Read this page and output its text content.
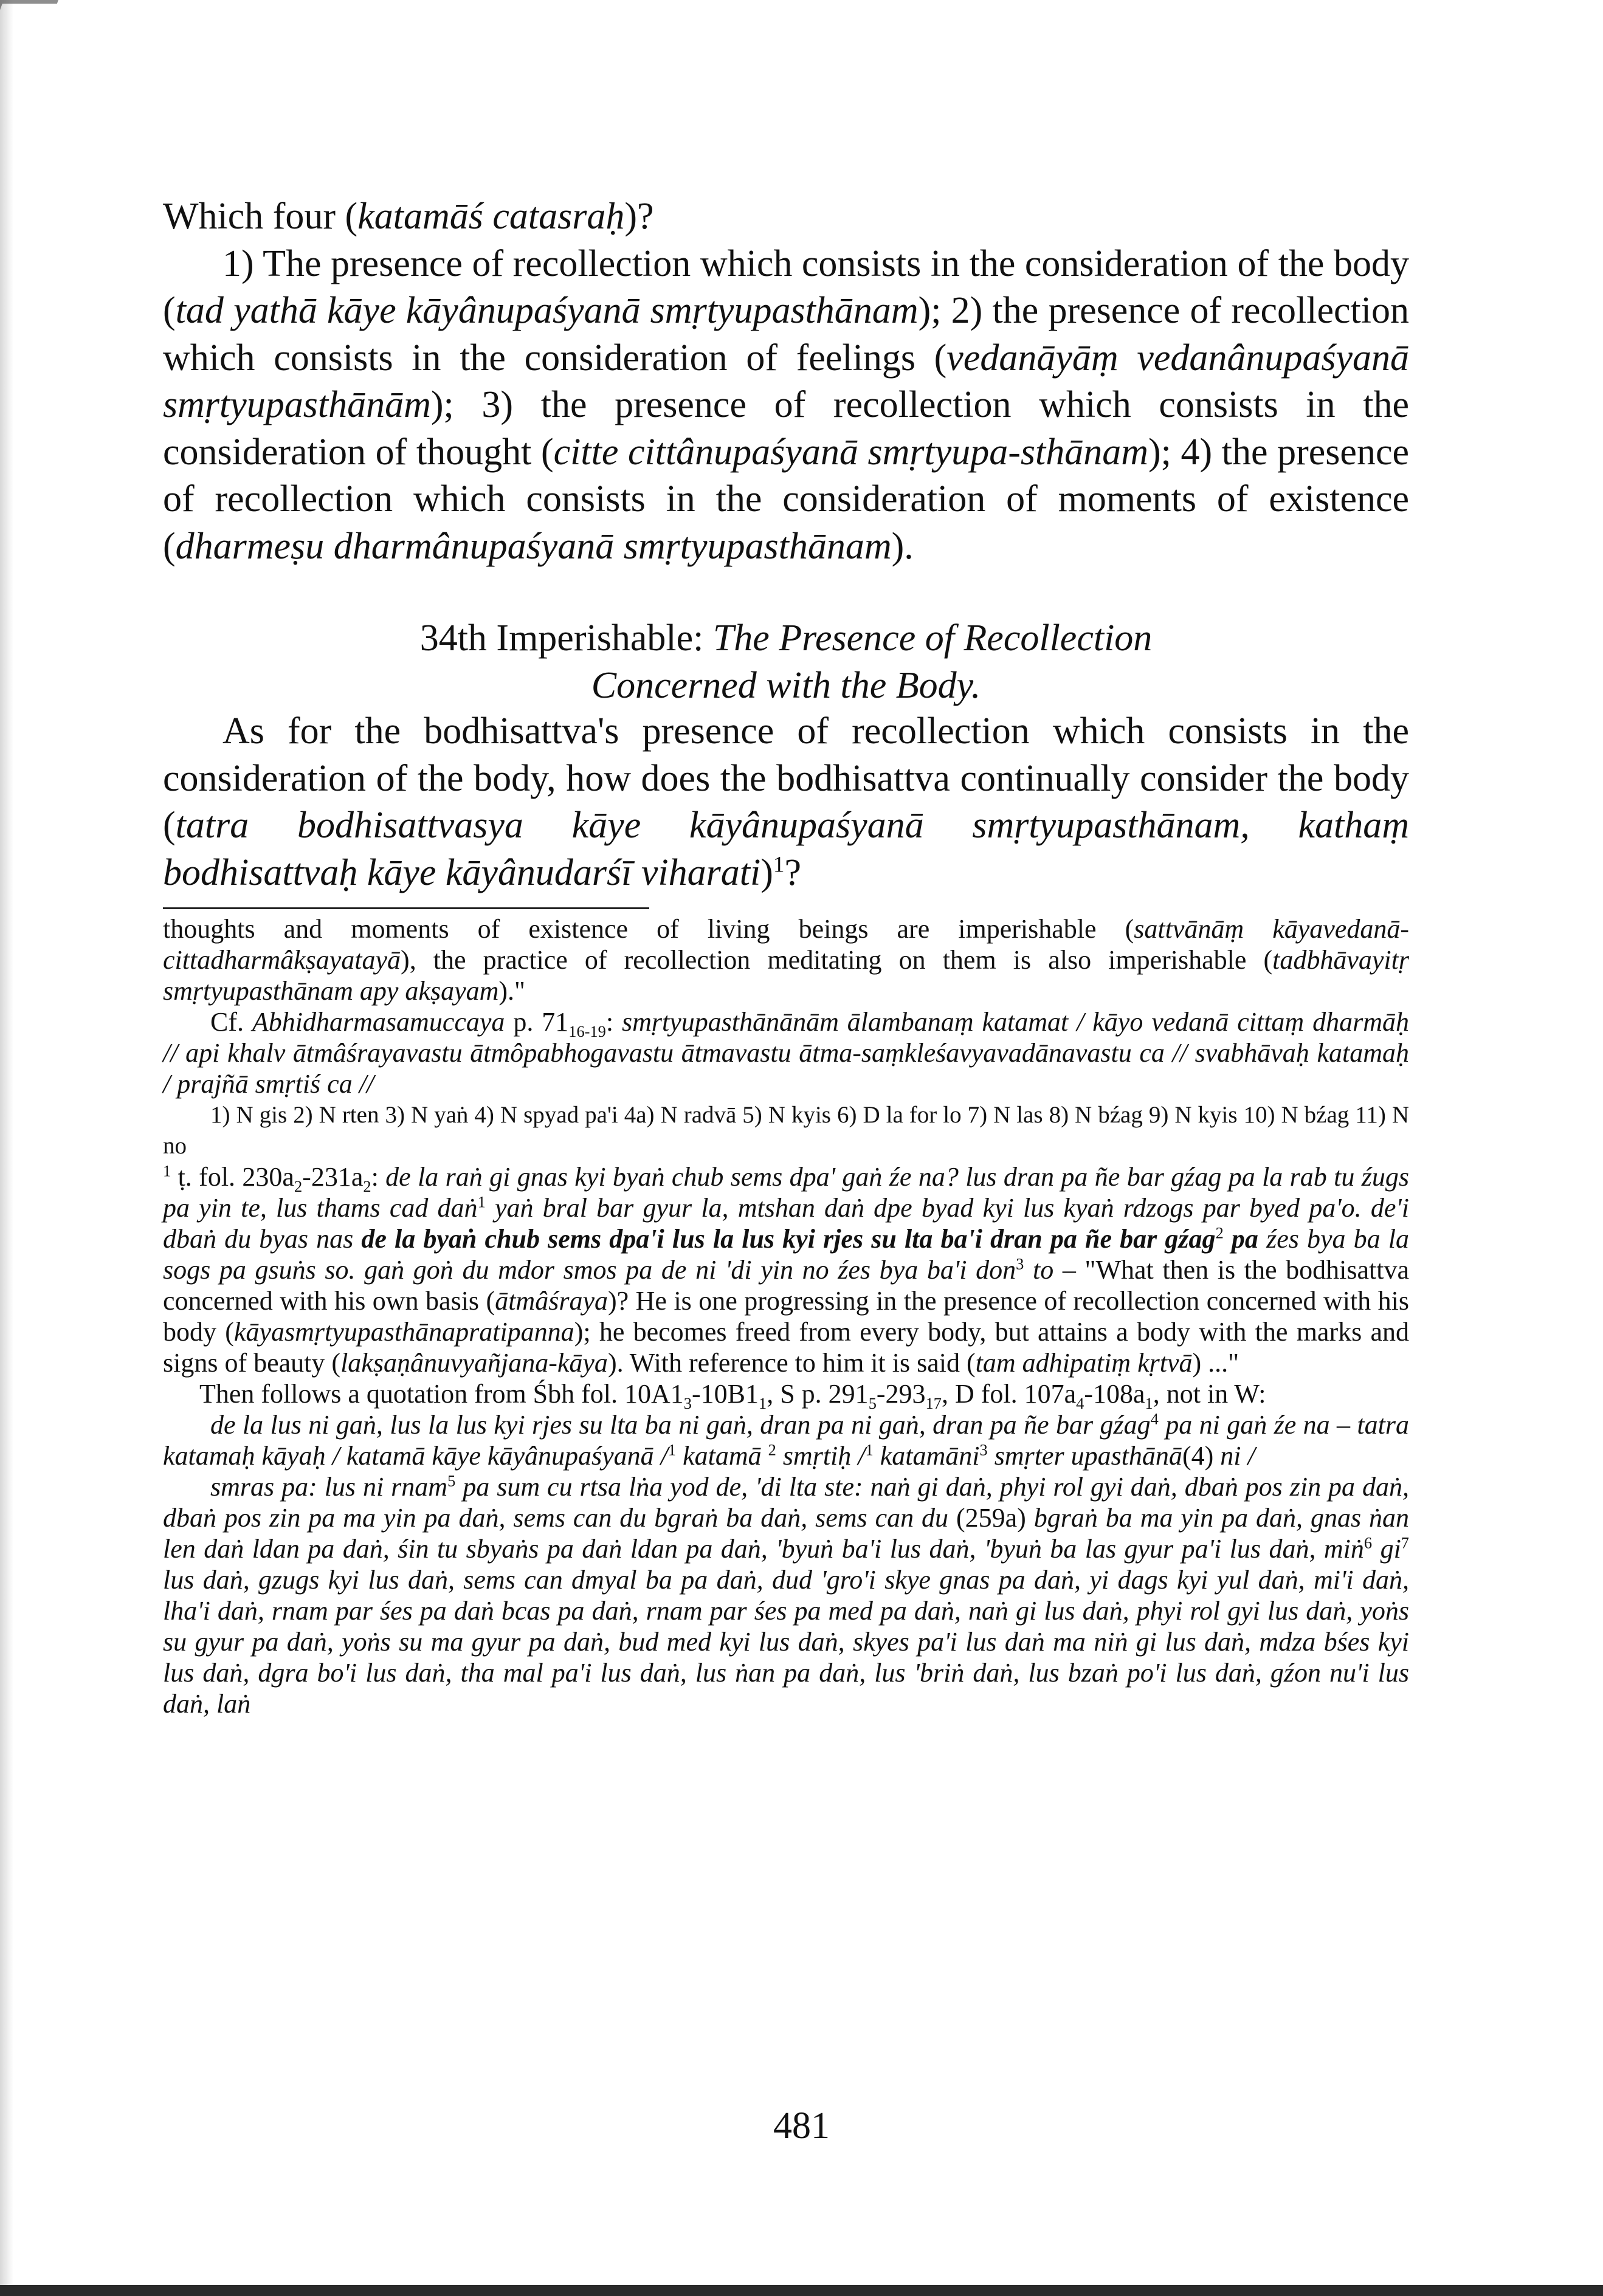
Which four (katamāś catasraḥ)?

1) The presence of recollection which consists in the consideration of the body (tad yathā kāye kāyânupaśyanā smṛtyupasthānam); 2) the presence of recollection which consists in the consideration of feelings (vedanāyāṃ vedanânupaśyanā smṛtyupasthānām); 3) the presence of recollection which consists in the consideration of thought (citte cittânupaśyanā smṛtyupa-sthānam); 4) the presence of recollection which consists in the consideration of moments of existence (dharmeṣu dharmânupaśyanā smṛtyupasthānam).

34th Imperishable: The Presence of Recollection

Concerned with the Body.

As for the bodhisattva's presence of recollection which consists in the consideration of the body, how does the bodhisattva continually consider the body (tatra bodhisattvasya kāye kāyânupaśyanā smṛtyupasthānam, kathaṃ bodhisattvaḥ kāye kāyânudarśī viharati)$^1$?

thoughts and moments of existence of living beings are imperishable (sattvānāṃ kāyavedanā-cittadharmâkṣayatayā), the practice of recollection meditating on them is also imperishable (tadbhāvayitṛ smṛtyupasthānam apy akṣayam)."

Cf. Abhidharmasamuccaya p. $71_{16-19}$: smṛtyupasthānānām ālambanaṃ katamat / kāyo vedanā cittaṃ dharmāḥ // api khalv ātmâśrayavastu ātmôpabhogavastu ātmavastu ātma-saṃkleśavyavadānavastu ca // svabhāvaḥ katamaḥ / prajñā smṛtiś ca //

1) N gis 2) N rten 3) N yaṅ 4) N spyad pa'i 4a) N radvā 5) N kyis 6) D la for lo 7) N las 8) N bźag 9) N kyis 10) N bźag 11) N no

$^1$ ṭ. fol. $230a_2-231a_2$: de la raṅ gi gnas kyi byaṅ chub sems dpa' gaṅ źe na? lus dran pa ñe bar gźag pa la rab tu źugs pa yin te, lus thams cad daṅ$^1$ yaṅ bral bar gyur la, mtshan daṅ dpe byad kyi lus kyaṅ rdzogs par byed pa'o. de'i dbaṅ du byas nas de la byaṅ chub sems dpa'i lus la lus kyi rjes su lta ba'i dran pa ñe bar gźag$^2$ pa źes bya ba la sogs pa gsuṅs so. gaṅ goṅ du mdor smos pa de ni 'di yin no źes bya ba'i don$^3$ to – "What then is the bodhisattva concerned with his own basis (ātmâśraya)? He is one progressing in the presence of recollection concerned with his body (kāyasmṛtyupasthānapratipanna); he becomes freed from every body, but attains a body with the marks and signs of beauty (lakṣaṇânuvyañjana-kāya). With reference to him it is said (tam adhipatiṃ kṛtvā) ..."

Then follows a quotation from Śbh fol. $10A1_3-10B1_1$, S p. $291_5-293_{17}$, D fol. $107a_4-108a_1$, not in W:

de la lus ni gaṅ, lus la lus kyi rjes su lta ba ni gaṅ, dran pa ni gaṅ, dran pa ñe bar gźag$^4$ pa ni gaṅ źe na – tatra katamaḥ kāyaḥ / katamā kāye kāyânupaśyanā /$^1$ katamā $^2$ smṛtiḥ /$^1$ katamāni$^3$ smṛter upasthānā(4) ni /

smras pa: lus ni rnam$^5$ pa sum cu rtsa lṅa yod de, 'di lta ste: naṅ gi daṅ, phyi rol gyi daṅ, dbaṅ pos zin pa daṅ, dbaṅ pos zin pa ma yin pa daṅ, sems can du bgraṅ ba daṅ, sems can du (259a) bgraṅ ba ma yin pa daṅ, gnas ṅan len daṅ ldan pa daṅ, śin tu sbyaṅs pa daṅ ldan pa daṅ, 'byuṅ ba'i lus daṅ, 'byuṅ ba las gyur pa'i lus daṅ, miṅ$^6$ $gi^7$ lus daṅ, gzugs kyi lus daṅ, sems can dmyal ba pa daṅ, dud 'gro'i skye gnas pa daṅ, yi dags kyi yul daṅ, mi'i daṅ, lha'i daṅ, rnam par śes pa daṅ bcas pa daṅ, rnam par śes pa med pa daṅ, naṅ gi lus daṅ, phyi rol gyi lus daṅ, yoṅs su gyur pa daṅ, yoṅs su ma gyur pa daṅ, bud med kyi lus daṅ, skyes pa'i lus daṅ ma niṅ gi lus daṅ, mdza bśes kyi lus daṅ, dgra bo'i lus daṅ, tha mal pa'i lus daṅ, lus ṅan pa daṅ, lus 'briṅ daṅ, lus bzaṅ po'i lus daṅ, gźon nu'i lus daṅ, laṅ

481
